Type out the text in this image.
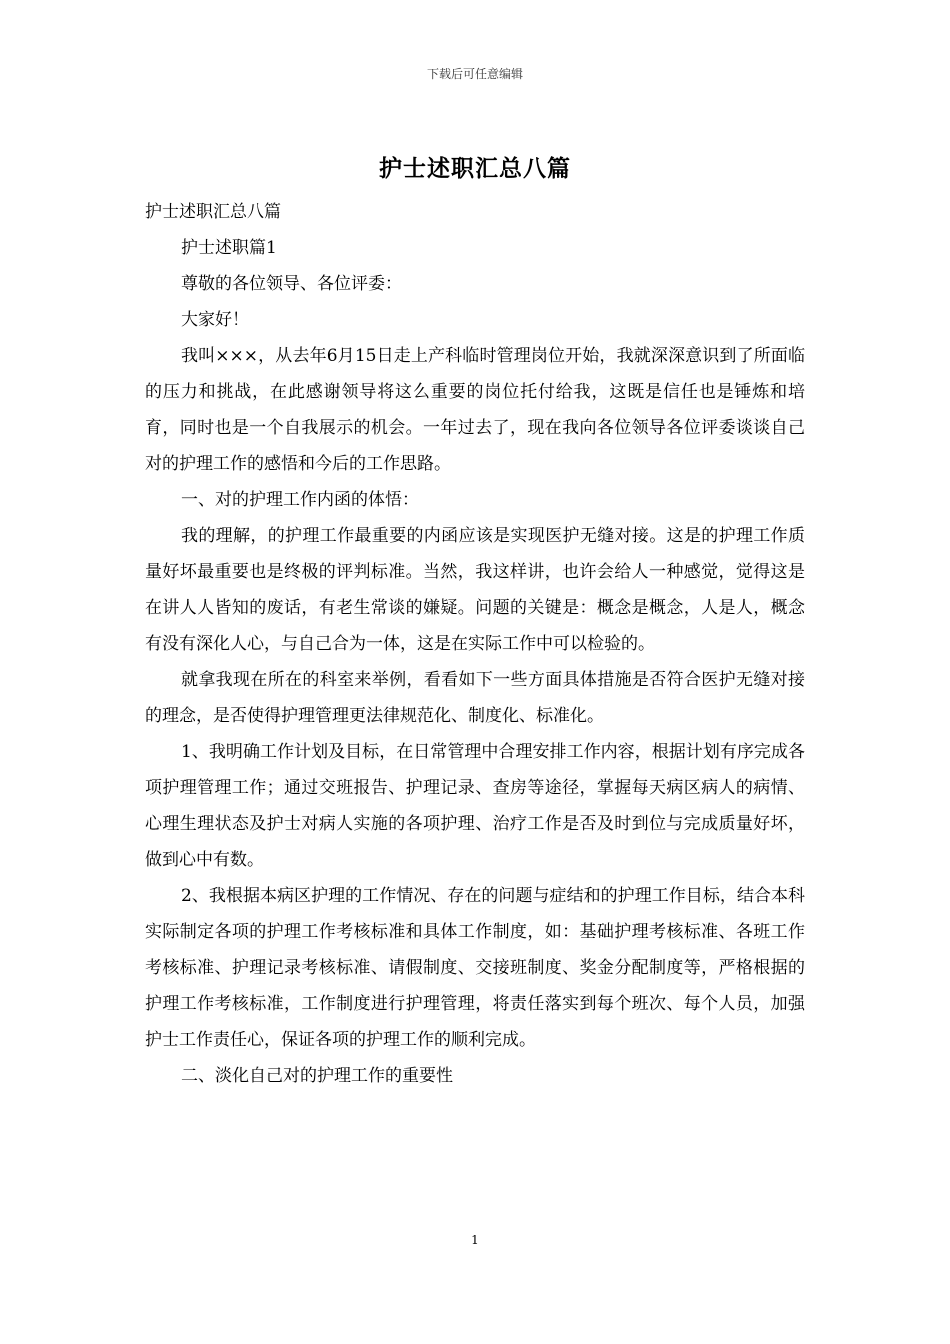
下载后可任意编辑
护士述职汇总八篇

护士述职汇总八篇

护士述职篇1

尊敬的各位领导、各位评委：

大家好！

我叫×××，从去年6月15日走上产科临时管理岗位开始，我就深深意识到了所面临的压力和挑战，在此感谢领导将这么重要的岗位托付给我，这既是信任也是锤炼和培育，同时也是一个自我展示的机会。一年过去了，现在我向各位领导各位评委谈谈自己对的护理工作的感悟和今后的工作思路。

一、对的护理工作内函的体悟：

我的理解，的护理工作最重要的内函应该是实现医护无缝对接。这是的护理工作质量好坏最重要也是终极的评判标准。当然，我这样讲，也许会给人一种感觉，觉得这是在讲人人皆知的废话，有老生常谈的嫌疑。问题的关键是：概念是概念，人是人，概念有没有深化人心，与自己合为一体，这是在实际工作中可以检验的。

就拿我现在所在的科室来举例，看看如下一些方面具体措施是否符合医护无缝对接的理念，是否使得护理管理更法律规范化、制度化、标准化。

1、我明确工作计划及目标，在日常管理中合理安排工作内容，根据计划有序完成各项护理管理工作；通过交班报告、护理记录、查房等途径，掌握每天病区病人的病情、心理生理状态及护士对病人实施的各项护理、治疗工作是否及时到位与完成质量好坏，做到心中有数。

2、我根据本病区护理的工作情况、存在的问题与症结和的护理工作目标，结合本科实际制定各项的护理工作考核标准和具体工作制度，如：基础护理考核标准、各班工作考核标准、护理记录考核标准、请假制度、交接班制度、奖金分配制度等，严格根据的护理工作考核标准，工作制度进行护理管理，将责任落实到每个班次、每个人员，加强护士工作责任心，保证各项的护理工作的顺利完成。

二、淡化自己对的护理工作的重要性

1
